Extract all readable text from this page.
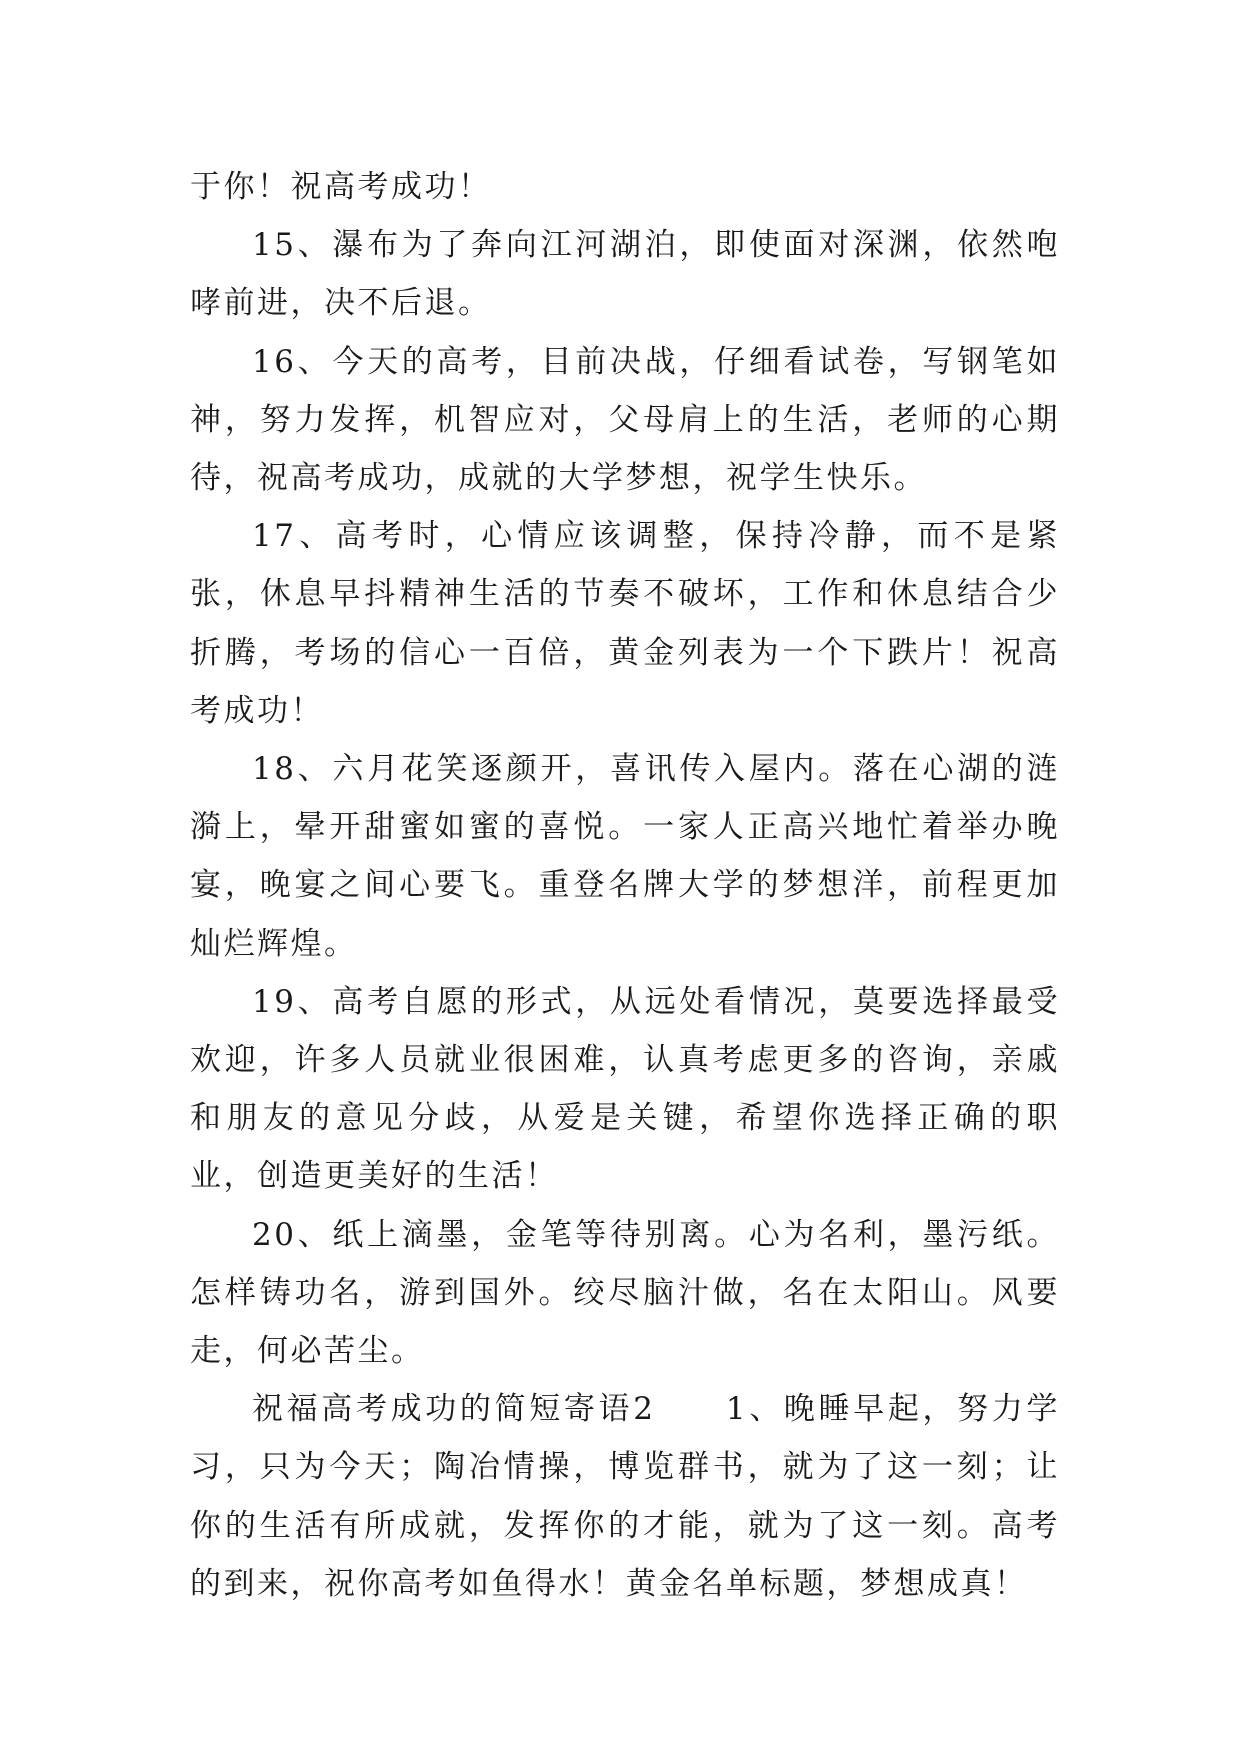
于你！祝高考成功！

15、瀑布为了奔向江河湖泊，即使面对深渊，依然咆哮前进，决不后退。

16、今天的高考，目前决战，仔细看试卷，写钢笔如神，努力发挥，机智应对，父母肩上的生活，老师的心期待，祝高考成功，成就的大学梦想，祝学生快乐。

17、高考时，心情应该调整，保持冷静，而不是紧张，休息早抖精神生活的节奏不破坏，工作和休息结合少折腾，考场的信心一百倍，黄金列表为一个下跌片！祝高考成功！

18、六月花笑逐颜开，喜讯传入屋内。落在心湖的涟漪上，晕开甜蜜如蜜的喜悦。一家人正高兴地忙着举办晚宴，晚宴之间心要飞。重登名牌大学的梦想洋，前程更加灿烂辉煌。

19、高考自愿的形式，从远处看情况，莫要选择最受欢迎，许多人员就业很困难，认真考虑更多的咨询，亲戚和朋友的意见分歧，从爱是关键，希望你选择正确的职业，创造更美好的生活！

20、纸上滴墨，金笔等待别离。心为名利，墨污纸。怎样铸功名，游到国外。绞尽脑汁做，名在太阳山。风要走，何必苦尘。

祝福高考成功的简短寄语2　　1、晚睡早起，努力学习，只为今天；陶冶情操，博览群书，就为了这一刻；让你的生活有所成就，发挥你的才能，就为了这一刻。高考的到来，祝你高考如鱼得水！黄金名单标题，梦想成真！
